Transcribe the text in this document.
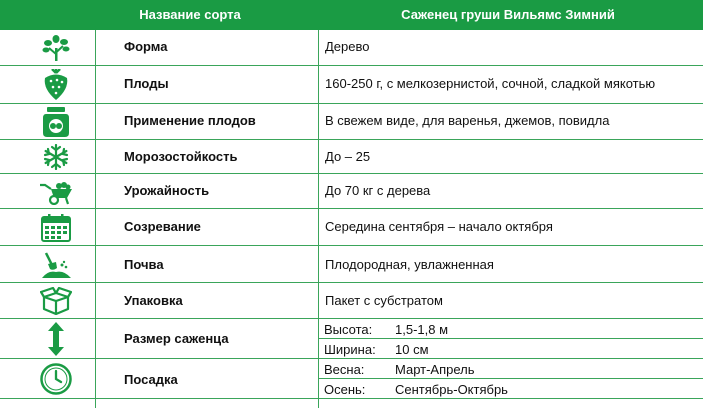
Название сорта	Саженец груши Вильямс Зимний
Форма	Дерево
Плоды	160-250 г, с мелкозернистой, сочной, сладкой мякотью
Применение плодов	В свежем виде, для варенья, джемов, повидла
Морозостойкость	До – 25
Урожайность	До 70 кг с дерева
Созревание	Середина сентября – начало октября
Почва	Плодородная, увлажненная
Упаковка	Пакет с субстратом
Размер саженца
Высота: 1,5-1,8 м
Ширина: 10 см
Посадка
Весна: Март-Апрель
Осень: Сентябрь-Октябрь
